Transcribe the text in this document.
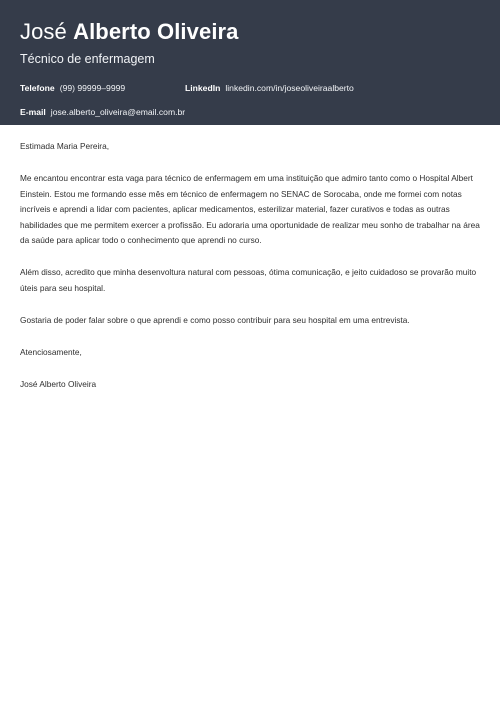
José Alberto Oliveira
Técnico de enfermagem
Telefone (99) 99999–9999	LinkedIn linkedin.com/in/joseoliveiraalberto
E-mail jose.alberto_oliveira@email.com.br

Estimada Maria Pereira,

Me encantou encontrar esta vaga para técnico de enfermagem em uma instituição que admiro tanto como o Hospital Albert Einstein. Estou me formando esse mês em técnico de enfermagem no SENAC de Sorocaba, onde me formei com notas incríveis e aprendi a lidar com pacientes, aplicar medicamentos, esterilizar material, fazer curativos e todas as outras habilidades que me permitem exercer a profissão. Eu adoraria uma oportunidade de realizar meu sonho de trabalhar na área da saúde para aplicar todo o conhecimento que aprendi no curso.

Além disso, acredito que minha desenvoltura natural com pessoas, ótima comunicação, e jeito cuidadoso se provarão muito úteis para seu hospital.

Gostaria de poder falar sobre o que aprendi e como posso contribuir para seu hospital em uma entrevista.

Atenciosamente,

José Alberto Oliveira
